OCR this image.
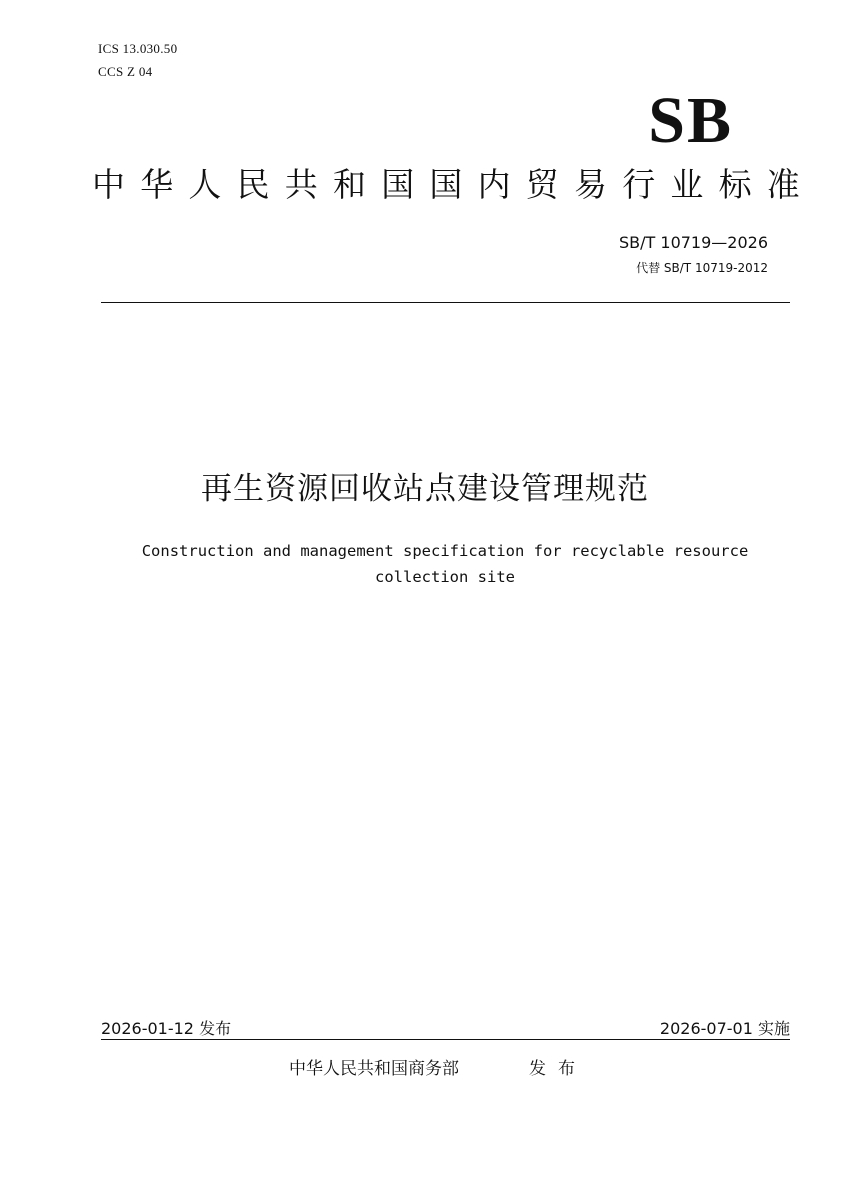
ICS 13.030.50
CCS Z 04
SB
中华人民共和国国内贸易行业标准
SB/T 10719—2026
代替 SB/T 10719-2012
再生资源回收站点建设管理规范
Construction and management specification for recyclable resource collection site
2026-01-12 发布	2026-07-01 实施
中华人民共和国商务部	发布
